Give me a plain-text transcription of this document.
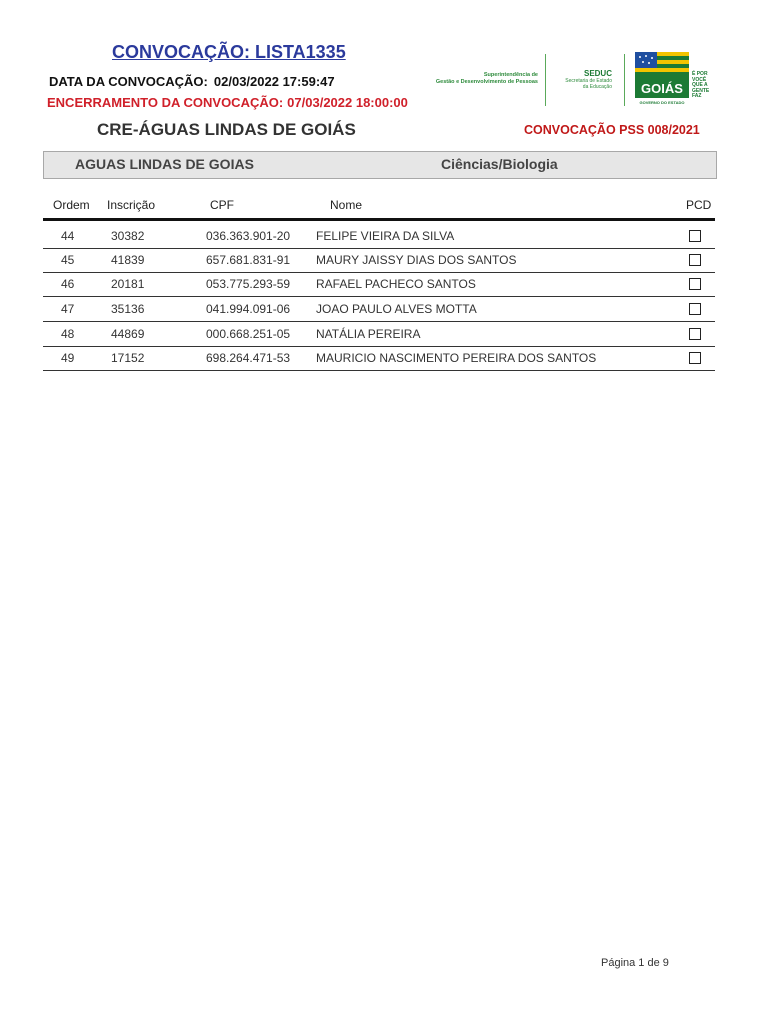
CONVOCAÇÃO: LISTA1335
DATA DA CONVOCAÇÃO: 02/03/2022 17:59:47
ENCERRAMENTO DA CONVOCAÇÃO: 07/03/2022 18:00:00
CRE-ÁGUAS LINDAS DE GOIÁS	CONVOCAÇÃO PSS 008/2021
Superintendência de
Gestão e Desenvolvimento de Pessoas
SEDUC
Secretaria de Estado
da Educação GOIÁS
GOVERNO DO ESTADO
É POR
VOCÊ
QUE A
GENTE
FAZ
AGUAS LINDAS DE GOIAS	Ciências/Biologia
Ordem Inscrição	CPF	Nome	PCD
44	30382	036.363.901-20 FELIPE VIEIRA DA SILVA
45	41839	657.681.831-91 MAURY JAISSY DIAS DOS SANTOS
46	20181	053.775.293-59 RAFAEL PACHECO SANTOS
47	35136	041.994.091-06 JOAO PAULO ALVES MOTTA
48	44869	000.668.251-05 NATÁLIA PEREIRA
49	17152	698.264.471-53 MAURICIO NASCIMENTO PEREIRA DOS SANTOS
Página 1 de 9
